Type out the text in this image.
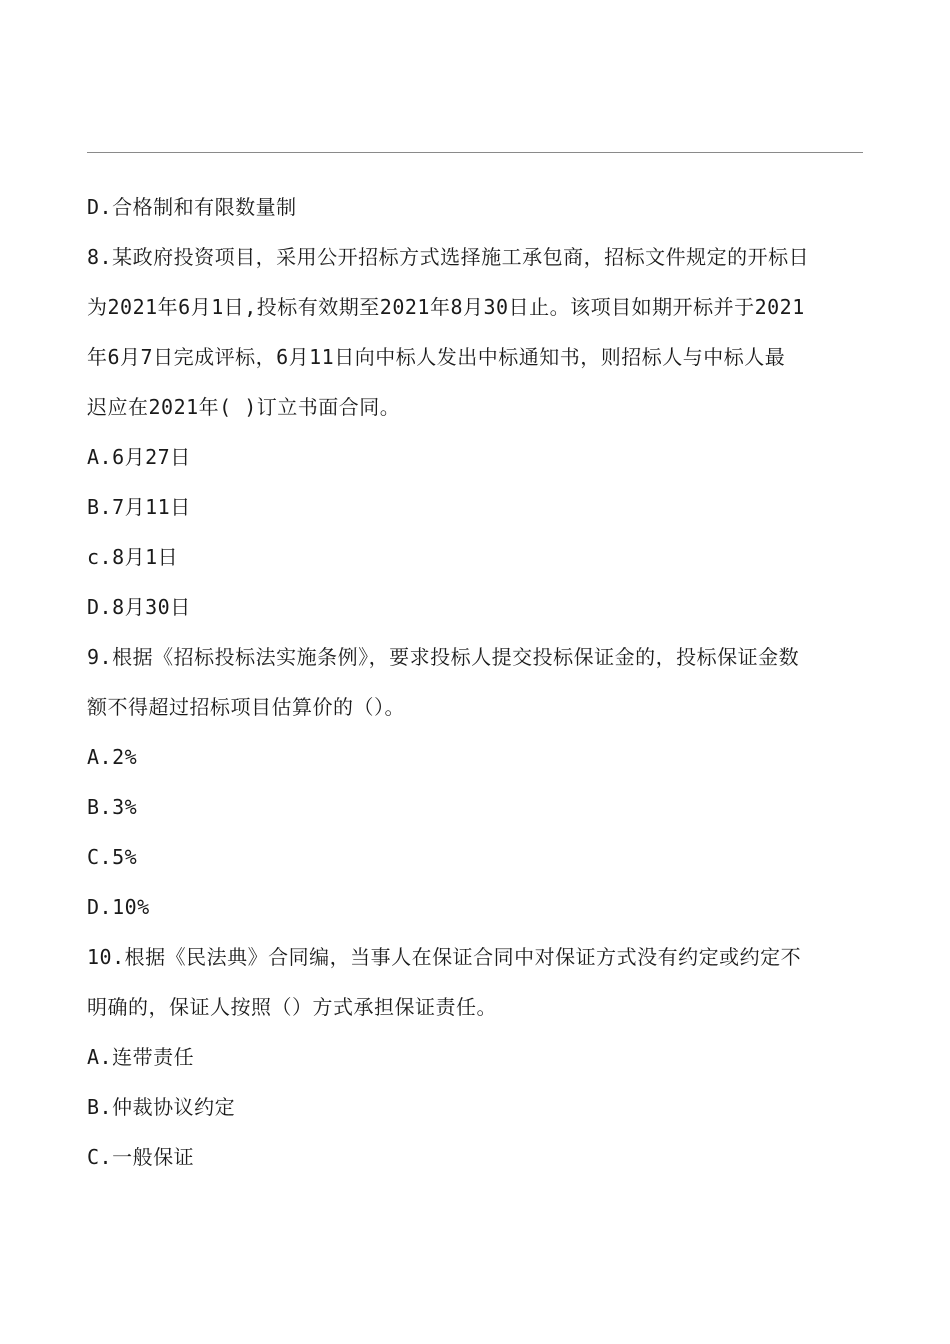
D.合格制和有限数量制
8.某政府投资项目，采用公开招标方式选择施工承包商，招标文件规定的开标日
为2021年6月1日,投标有效期至2021年8月30日止。该项目如期开标并于2021
年6月7日完成评标，6月11日向中标人发出中标通知书，则招标人与中标人最
迟应在2021年( )订立书面合同。
A.6月27日
B.7月11日
c.8月1日
D.8月30日
9.根据《招标投标法实施条例》，要求投标人提交投标保证金的，投标保证金数
额不得超过招标项目估算价的（）。
A.2%
B.3%
C.5%
D.10%
10.根据《民法典》合同编，当事人在保证合同中对保证方式没有约定或约定不
明确的，保证人按照（）方式承担保证责任。
A.连带责任
B.仲裁协议约定
C.一般保证
